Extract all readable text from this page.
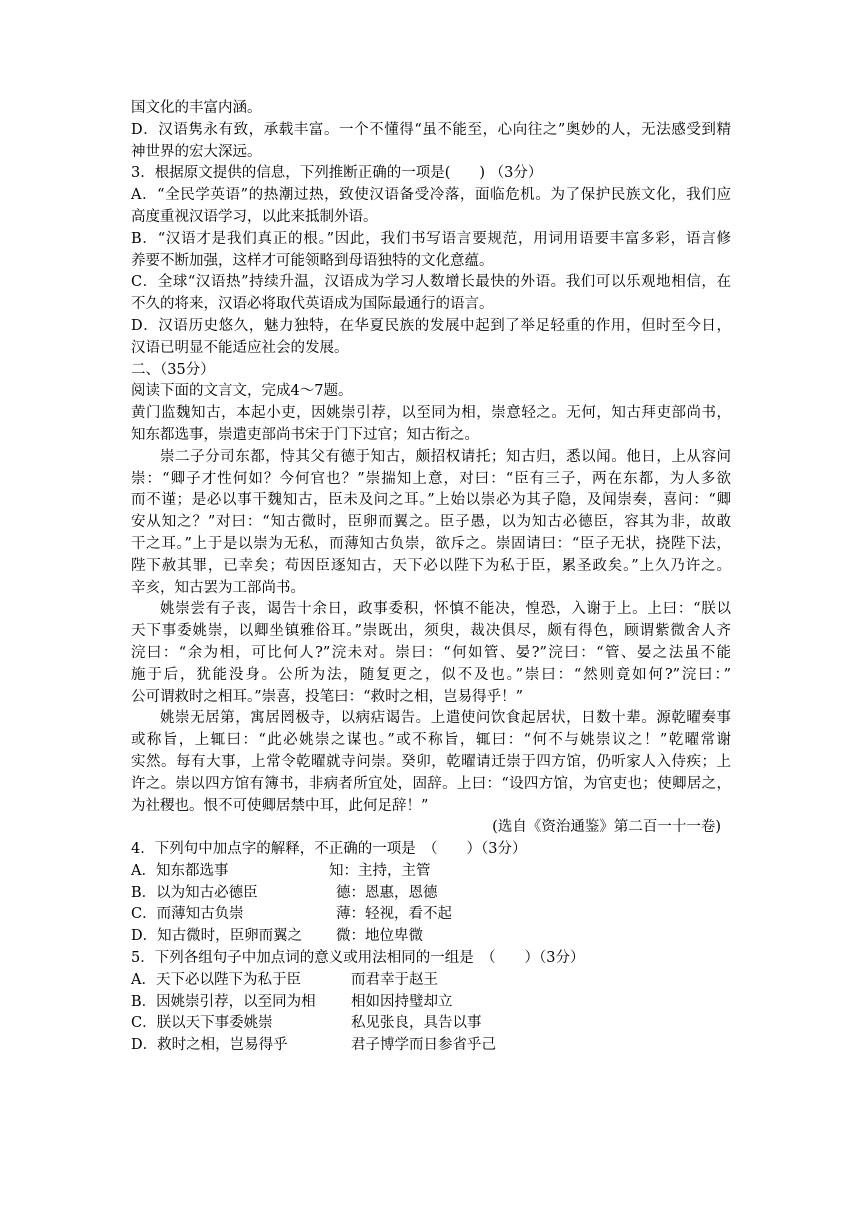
国文化的丰富内涵。
D．汉语隽永有致，承载丰富。一个不懂得“虽不能至，心向往之”奥妙的人，无法感受到精
神世界的宏大深远。
3．根据原文提供的信息，下列推断正确的一项是(　　) （3分）
A．“全民学英语”的热潮过热，致使汉语备受冷落，面临危机。为了保护民族文化，我们应
高度重视汉语学习，以此来抵制外语。
B．“汉语才是我们真正的根。”因此，我们书写语言要规范，用词用语要丰富多彩，语言修
养要不断加强，这样才可能领略到母语独特的文化意蕴。
C．全球“汉语热”持续升温，汉语成为学习人数增长最快的外语。我们可以乐观地相信，在
不久的将来，汉语必将取代英语成为国际最通行的语言。
D．汉语历史悠久，魅力独特，在华夏民族的发展中起到了举足轻重的作用，但时至今日，
汉语已明显不能适应社会的发展。
二、（35分）
阅读下面的文言文，完成4～7题。
黄门监魏知古，本起小吏，因姚崇引荐，以至同为相，崇意轻之。无何，知古拜吏部尚书，
知东都选事，崇遣吏部尚书宋于门下过官；知古衔之。
崇二子分司东都，恃其父有德于知古，颇招权请托；知古归，悉以闻。他日，上从容问
崇：“卿子才性何如？今何官也？”崇揣知上意，对曰：“臣有三子，两在东都，为人多欲
而不谨；是必以事干魏知古，臣未及问之耳。”上始以崇必为其子隐，及闻崇奏，喜问：“卿
安从知之？”对曰：“知古微时，臣卵而翼之。臣子愚，以为知古必德臣，容其为非，故敢
干之耳。”上于是以崇为无私，而薄知古负崇，欲斥之。崇固请曰：“臣子无状，挠陛下法，
陛下赦其罪，已幸矣；苟因臣逐知古，天下必以陛下为私于臣，累圣政矣。”上久乃许之。
辛亥，知古罢为工部尚书。
姚崇尝有子丧，谒告十余日，政事委积，怀慎不能决，惶恐，入谢于上。上曰：“朕以
天下事委姚崇，以卿坐镇雅俗耳。”崇既出，须臾，裁决俱尽，颇有得色，顾谓紫微舍人齐
浣曰：“余为相，可比何人?”浣未对。崇曰：“何如管、晏?”浣曰：“管、晏之法虽不能
施于后，犹能没身。公所为法，随复更之，似不及也。”崇曰：“然则竟如何?”浣曰：”
公可谓救时之相耳。”崇喜，投笔曰：“救时之相，岂易得乎！”
姚崇无居第，寓居罔极寺，以病痁谒告。上遣使问饮食起居状，日数十辈。源乾曜奏事
或称旨，上辄曰：“此必姚崇之谋也。”或不称旨，辄曰：“何不与姚崇议之！”乾曜常谢
实然。每有大事，上常令乾曜就寺问崇。癸卯，乾曜请迁崇于四方馆，仍听家人入侍疾；上
许之。崇以四方馆有簿书，非病者所宜处，固辞。上曰：“设四方馆，为官吏也；使卿居之，
为社稷也。恨不可使卿居禁中耳，此何足辞！”
(选自《资治通鉴》第二百一十一卷)
4．下列句中加点字的解释，不正确的一项是　（　　）（3分）
A．知东都选事	知：主持，主管
B．以为知古必德臣	德：恩惠，恩德
C．而薄知古负崇	薄：轻视，看不起
D．知古微时，臣卵而翼之 微：地位卑微
5．下列各组句子中加点词的意义或用法相同的一组是　（　　）（3分）
A．天下必以陛下为私于臣	而君幸于赵王
B．因姚崇引荐，以至同为相 相如因持璧却立
C．朕以天下事委姚崇	私见张良，具告以事
D．救时之相，岂易得乎	君子博学而日参省乎己
